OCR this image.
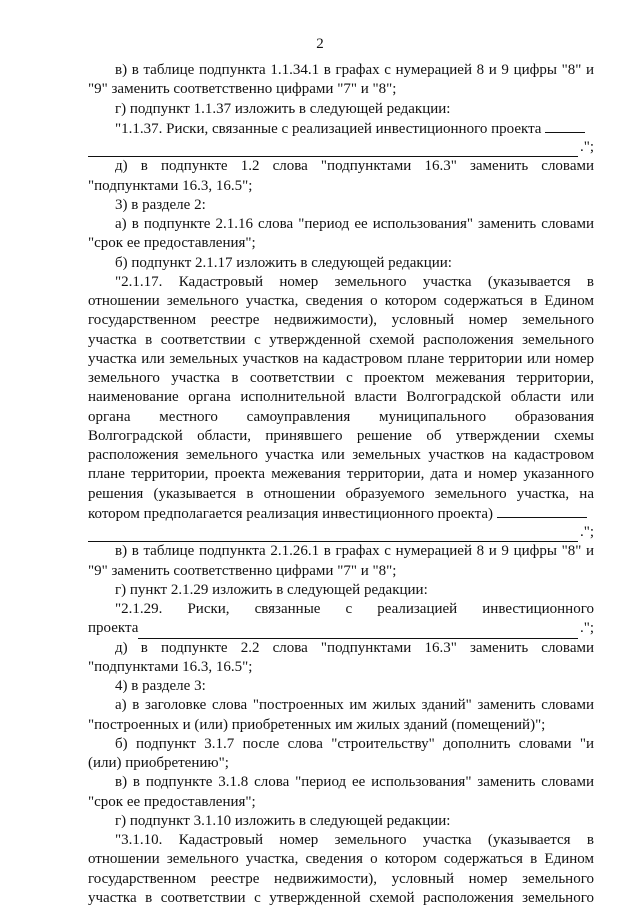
2
в) в таблице подпункта 1.1.34.1 в графах с нумерацией 8 и 9 цифры "8" и
"9" заменить соответственно цифрами "7" и "8";
г) подпункт 1.1.37 изложить в следующей редакции:
"1.1.37. Риски, связанные с реализацией инвестиционного проекта
.";
д) в подпункте 1.2 слова "подпунктами 16.3" заменить словами
"подпунктами 16.3, 16.5";
3) в разделе 2:
а) в подпункте 2.1.16 слова "период ее использования" заменить словами
"срок ее предоставления";
б) подпункт 2.1.17 изложить в следующей редакции:
"2.1.17. Кадастровый номер земельного участка (указывается в
отношении земельного участка, сведения о котором содержаться в Едином
государственном реестре недвижимости), условный номер земельного
участка в соответствии с утвержденной схемой расположения земельного
участка или земельных участков на кадастровом плане территории или номер
земельного участка в соответствии с проектом межевания территории,
наименование органа исполнительной власти Волгоградской области или
органа местного самоуправления муниципального образования
Волгоградской области, принявшего решение об утверждении схемы
расположения земельного участка или земельных участков на кадастровом
плане территории, проекта межевания территории, дата и номер указанного
решения (указывается в отношении образуемого земельного участка, на
котором предполагается реализация инвестиционного проекта)
.";
в) в таблице подпункта 2.1.26.1 в графах с нумерацией 8 и 9 цифры "8" и
"9" заменить соответственно цифрами "7" и "8";
г) пункт 2.1.29 изложить в следующей редакции:
"2.1.29. Риски, связанные с реализацией инвестиционного
проекта	.";
д) в подпункте 2.2 слова "подпунктами 16.3" заменить словами
"подпунктами 16.3, 16.5";
4) в разделе 3:
а) в заголовке слова "построенных им жилых зданий" заменить словами
"построенных и (или) приобретенных им жилых зданий (помещений)";
б) подпункт 3.1.7 после слова "строительству" дополнить словами "и
(или) приобретению";
в) в подпункте 3.1.8 слова "период ее использования" заменить словами
"срок ее предоставления";
г) подпункт 3.1.10 изложить в следующей редакции:
"3.1.10. Кадастровый номер земельного участка (указывается в
отношении земельного участка, сведения о котором содержаться в Едином
государственном реестре недвижимости), условный номер земельного
участка в соответствии с утвержденной схемой расположения земельного
